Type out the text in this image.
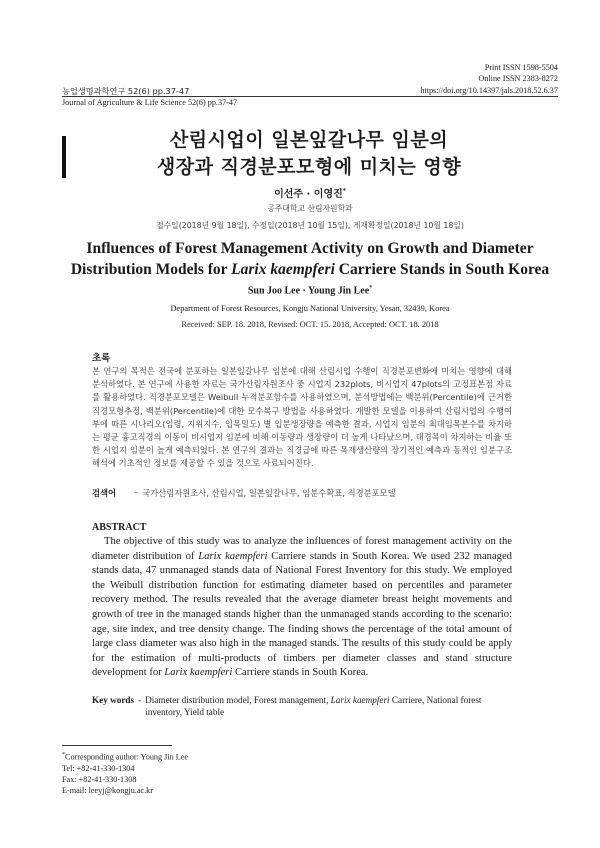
Print ISSN 1598-5504
Online ISSN 2383-8272
농업생명과학연구 52(6) pp.37-47	https://doi.org/10.14397/jals.2018.52.6.37
Journal of Agriculture & Life Science 52(6) pp.37-47
산림시업이 일본잎갈나무 임분의
생장과 직경분포모형에 미치는 영향
이선주 · 이영진*
공주대학교 산림자원학과
접수일(2018년 9월 18일), 수정일(2018년 10월 15일), 게재확정일(2018년 10월 18일)
Influences of Forest Management Activity on Growth and Diameter
Distribution Models for Larix kaempferi Carriere Stands in South Korea
Sun Joo Lee · Young Jin Lee*
Department of Forest Resources, Kongju National University, Yesan, 32439, Korea
Received: SEP. 18. 2018, Revised: OCT. 15. 2018, Accepted: OCT. 18. 2018
초록
본 연구의 목적은 전국에 분포하는 일본잎갈나무 임분에 대해 산림시업 수행이 직경분포변화에 미치는 영향에 대해 분석하였다. 본 연구에 사용한 자료는 국가산림자원조사 중 시업지 232plots, 비시업지 47plots의 고정표본점 자료를 활용하였다. 직경분포모델은 Weibull 누적분포함수를 사용하였으며, 분석방법에는 백분위(Percentile)에 근거한 직경모형추정, 백분위(Percentile)에 대한 모수복구 방법을 사용하였다. 개발한 모델을 이용하여 산림시업의 수행여부에 따른 시나리오(임령, 지위지수, 입목밀도) 별 입분생장량을 예측한 결과, 시업지 임분의 최대임목본수를 차지하는 평균 흉고직경의 이동이 비시업지 임분에 비해 이동량과 생장량이 더 높게 나타났으며, 대경목이 차지하는 비율 또한 시업지 임분이 높게 예측되었다. 본 연구의 결과는 직경급에 따른 목재생산량의 장기적인 예측과 동적인 임분구조 해석에 기초적인 정보를 제공할 수 있을 것으로 사료되어진다.
검색어	– 국가산림자원조사, 산림시업, 일본잎갈나무, 임분수확표, 직경분포모델
ABSTRACT
The objective of this study was to analyze the influences of forest management activity on the diameter distribution of Larix kaempferi Carriere stands in South Korea. We used 232 managed stands data, 47 unmanaged stands data of National Forest Inventory for this study. We employed the Weibull distribution function for estimating diameter based on percentiles and parameter recovery method. The results revealed that the average diameter breast height movements and growth of tree in the managed stands higher than the unmanaged stands according to the scenario: age, site index, and tree density change. The finding shows the percentage of the total amount of large class diameter was also high in the managed stands. The results of this study could be apply for the estimation of multi-products of timbers per diameter classes and stand structure development for Larix kaempferi Carriere stands in South Korea.
Key words - Diameter distribution model, Forest management, Larix kaempferi Carriere, National forest inventory, Yield table
*Corresponding author: Young Jin Lee
Tel: +82-41-330-1304
Fax: +82-41-330-1308
E-mail: leeyj@kongju.ac.kr
